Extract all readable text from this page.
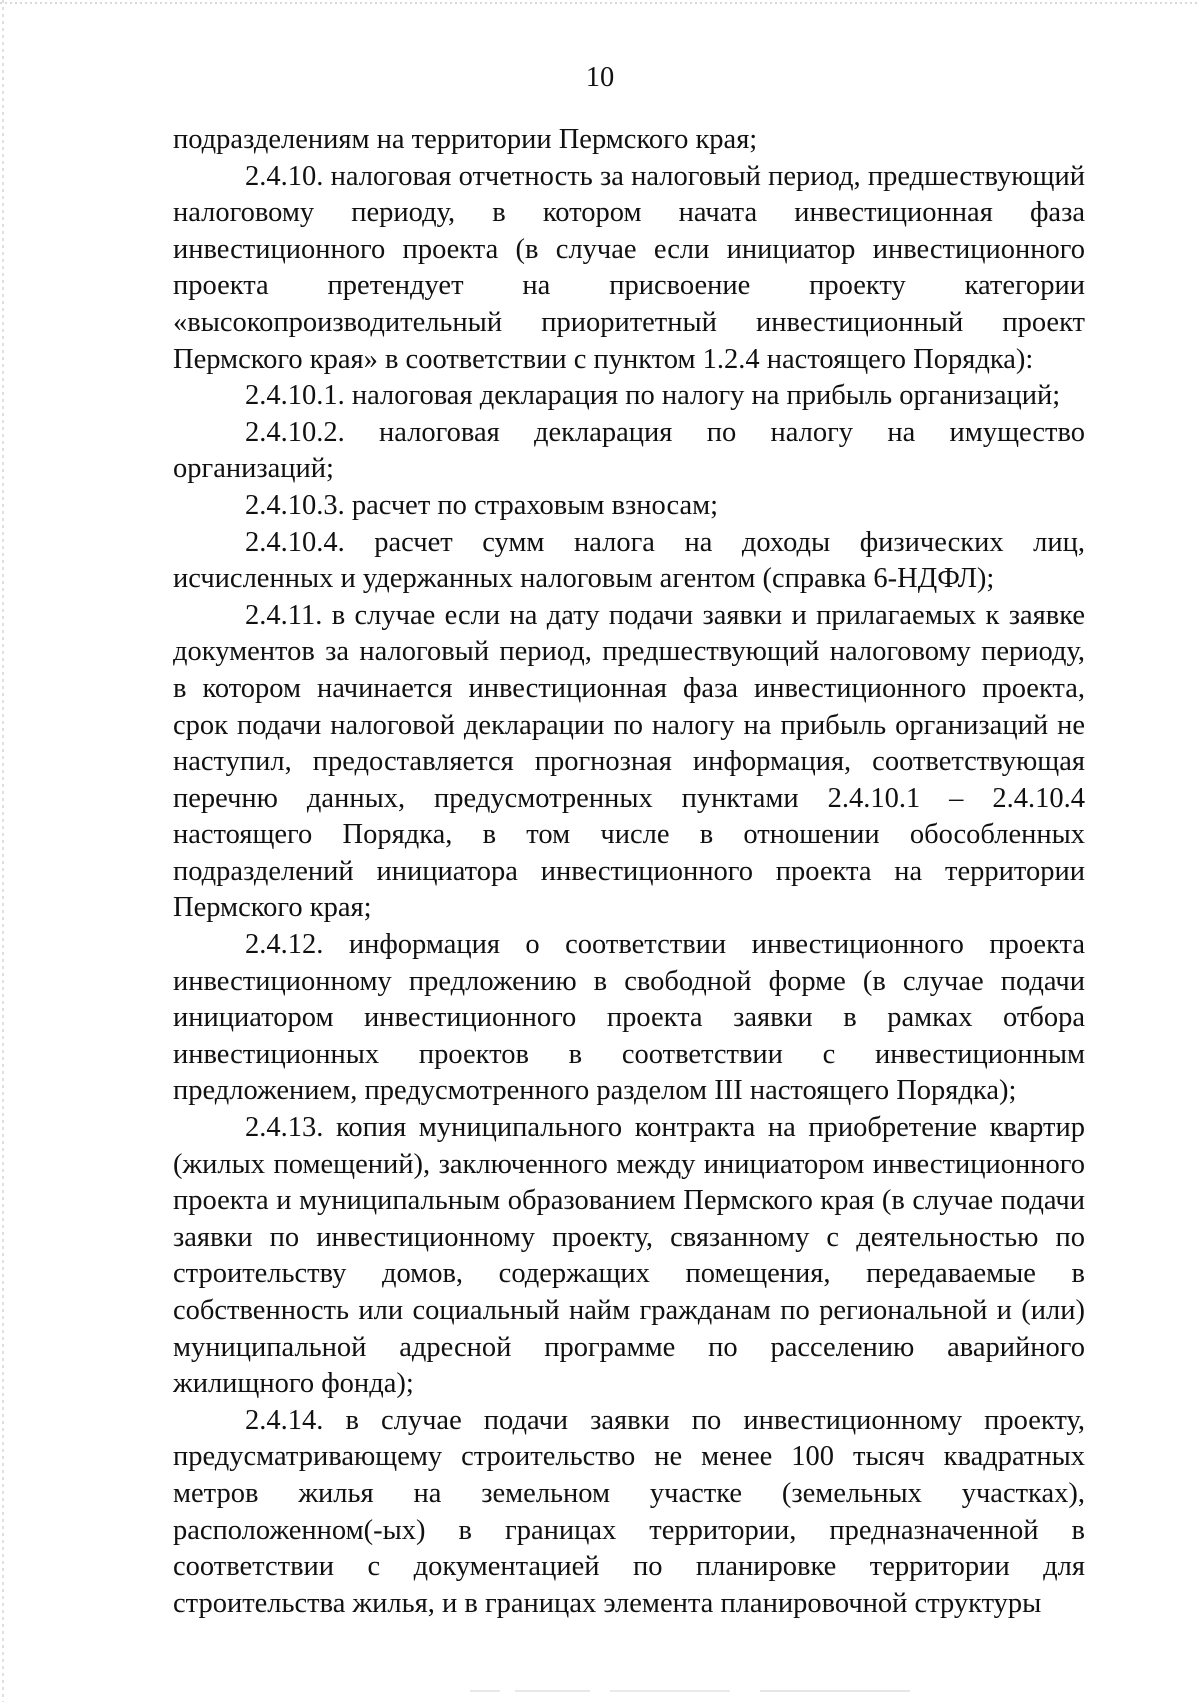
10

подразделениям на территории Пермского края;

2.4.10. налоговая отчетность за налоговый период, предшествующий налоговому периоду, в котором начата инвестиционная фаза инвестиционного проекта (в случае если инициатор инвестиционного проекта претендует на присвоение проекту категории «высокопроизводительный приоритетный инвестиционный проект Пермского края» в соответствии с пунктом 1.2.4 настоящего Порядка):

2.4.10.1. налоговая декларация по налогу на прибыль организаций;

2.4.10.2. налоговая декларация по налогу на имущество организаций;

2.4.10.3. расчет по страховым взносам;

2.4.10.4. расчет сумм налога на доходы физических лиц, исчисленных и удержанных налоговым агентом (справка 6-НДФЛ);

2.4.11. в случае если на дату подачи заявки и прилагаемых к заявке документов за налоговый период, предшествующий налоговому периоду, в котором начинается инвестиционная фаза инвестиционного проекта, срок подачи налоговой декларации по налогу на прибыль организаций не наступил, предоставляется прогнозная информация, соответствующая перечню данных, предусмотренных пунктами 2.4.10.1 – 2.4.10.4 настоящего Порядка, в том числе в отношении обособленных подразделений инициатора инвестиционного проекта на территории Пермского края;

2.4.12. информация о соответствии инвестиционного проекта инвестиционному предложению в свободной форме (в случае подачи инициатором инвестиционного проекта заявки в рамках отбора инвестиционных проектов в соответствии с инвестиционным предложением, предусмотренного разделом III настоящего Порядка);

2.4.13. копия муниципального контракта на приобретение квартир (жилых помещений), заключенного между инициатором инвестиционного проекта и муниципальным образованием Пермского края (в случае подачи заявки по инвестиционному проекту, связанному с деятельностью по строительству домов, содержащих помещения, передаваемые в собственность или социальный найм гражданам по региональной и (или) муниципальной адресной программе по расселению аварийного жилищного фонда);

2.4.14. в случае подачи заявки по инвестиционному проекту, предусматривающему строительство не менее 100 тысяч квадратных метров жилья на земельном участке (земельных участках), расположенном(-ых) в границах территории, предназначенной в соответствии с документацией по планировке территории для строительства жилья, и в границах элемента планировочной структуры
